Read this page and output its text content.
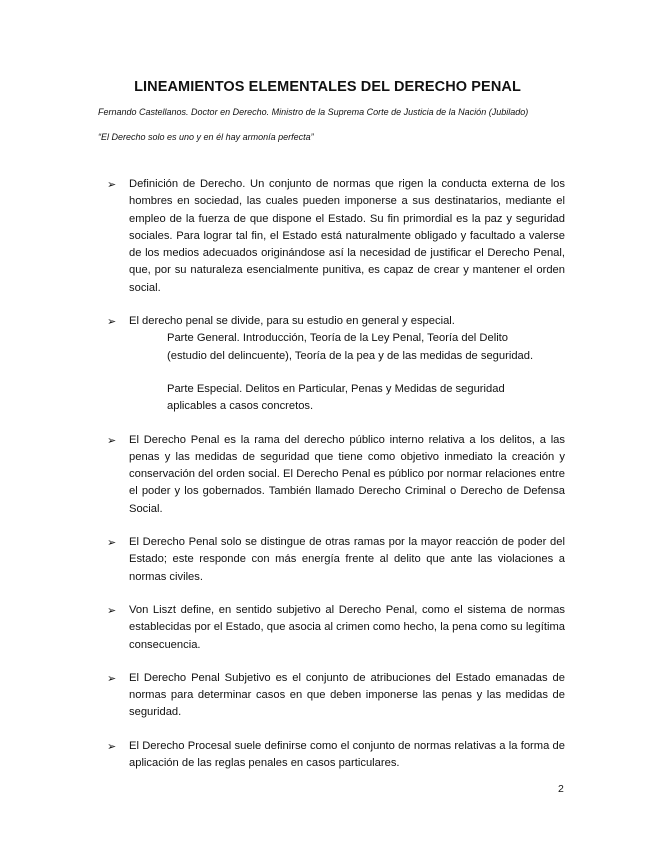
LINEAMIENTOS ELEMENTALES DEL DERECHO PENAL
Fernando Castellanos. Doctor en Derecho. Ministro de la Suprema Corte de Justicia de la Nación (Jubilado)
“El Derecho solo es uno y en él hay armonía perfecta”
➢ Definición de Derecho. Un conjunto de normas que rigen la conducta externa de los hombres en sociedad, las cuales pueden imponerse a sus destinatarios, mediante el empleo de la fuerza de que dispone el Estado. Su fin primordial es la paz y seguridad sociales. Para lograr tal fin, el Estado está naturalmente obligado y facultado a valerse de los medios adecuados originándose así la necesidad de justificar el Derecho Penal, que, por su naturaleza esencialmente punitiva, es capaz de crear y mantener el orden social.
➢ El derecho penal se divide, para su estudio en general y especial.
Parte General. Introducción, Teoría de la Ley Penal, Teoría del Delito
(estudio del delincuente), Teoría de la pea y de las medidas de seguridad.
Parte Especial. Delitos en Particular, Penas y Medidas de seguridad
aplicables a casos concretos.
➢ El Derecho Penal es la rama del derecho público interno relativa a los delitos, a las penas y las medidas de seguridad que tiene como objetivo inmediato la creación y conservación del orden social. El Derecho Penal es público por normar relaciones entre el poder y los gobernados. También llamado Derecho Criminal o Derecho de Defensa Social.
➢ El Derecho Penal solo se distingue de otras ramas por la mayor reacción de poder del Estado; este responde con más energía frente al delito que ante las violaciones a normas civiles.
➢ Von Liszt define, en sentido subjetivo al Derecho Penal, como el sistema de normas establecidas por el Estado, que asocia al crimen como hecho, la pena como su legítima consecuencia.
➢ El Derecho Penal Subjetivo es el conjunto de atribuciones del Estado emanadas de normas para determinar casos en que deben imponerse las penas y las medidas de seguridad.
➢ El Derecho Procesal suele definirse como el conjunto de normas relativas a la forma de aplicación de las reglas penales en casos particulares.
2
